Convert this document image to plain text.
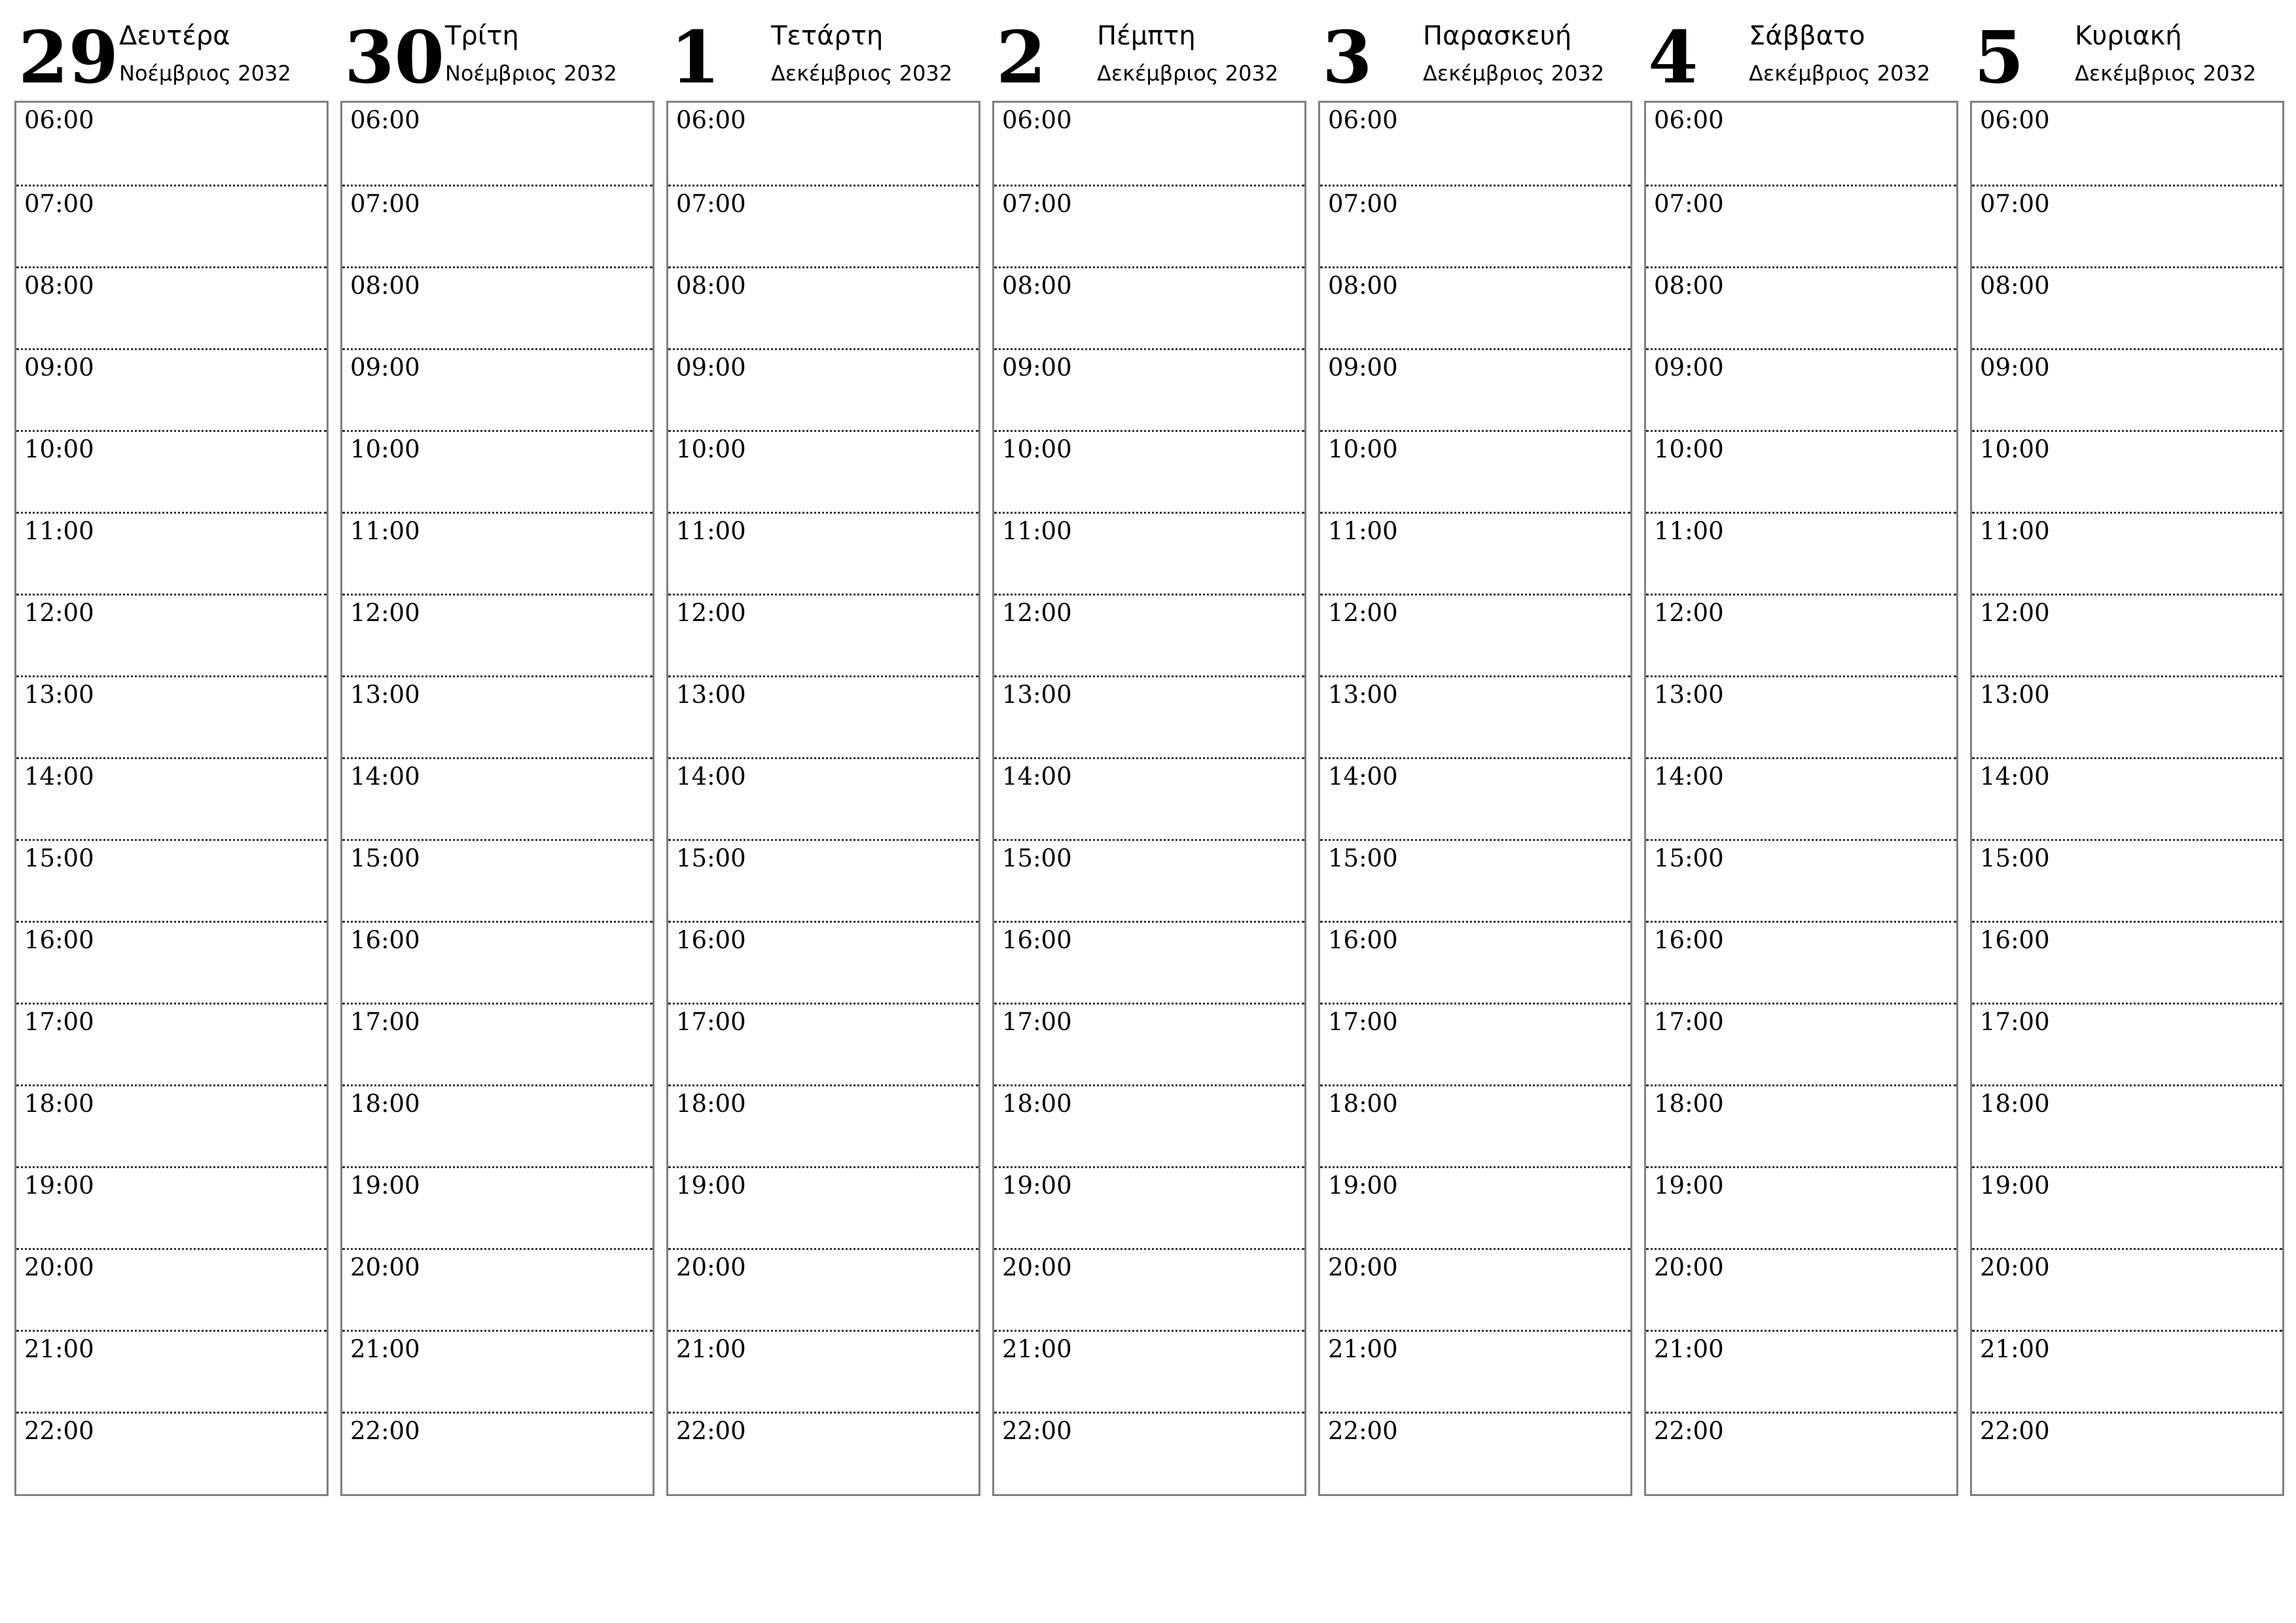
29 Δευτέρα
Νοέμβριος 2032
06:00
07:00
08:00
09:00
10:00
11:00
12:00
13:00
14:00
15:00
16:00
17:00
18:00
19:00
20:00
21:00
22:00
30 Τρίτη
Νοέμβριος 2032
06:00
07:00
08:00
09:00
10:00
11:00
12:00
13:00
14:00
15:00
16:00
17:00
18:00
19:00
20:00
21:00
22:00
1 Τετάρτη
Δεκέμβριος 2032
06:00
07:00
08:00
09:00
10:00
11:00
12:00
13:00
14:00
15:00
16:00
17:00
18:00
19:00
20:00
21:00
22:00
2 Πέμπτη
Δεκέμβριος 2032
06:00
07:00
08:00
09:00
10:00
11:00
12:00
13:00
14:00
15:00
16:00
17:00
18:00
19:00
20:00
21:00
22:00
3 Παρασκευή
Δεκέμβριος 2032
06:00
07:00
08:00
09:00
10:00
11:00
12:00
13:00
14:00
15:00
16:00
17:00
18:00
19:00
20:00
21:00
22:00
4 Σάββατο
Δεκέμβριος 2032
06:00
07:00
08:00
09:00
10:00
11:00
12:00
13:00
14:00
15:00
16:00
17:00
18:00
19:00
20:00
21:00
22:00
5 Κυριακή
Δεκέμβριος 2032
06:00
07:00
08:00
09:00
10:00
11:00
12:00
13:00
14:00
15:00
16:00
17:00
18:00
19:00
20:00
21:00
22:00
